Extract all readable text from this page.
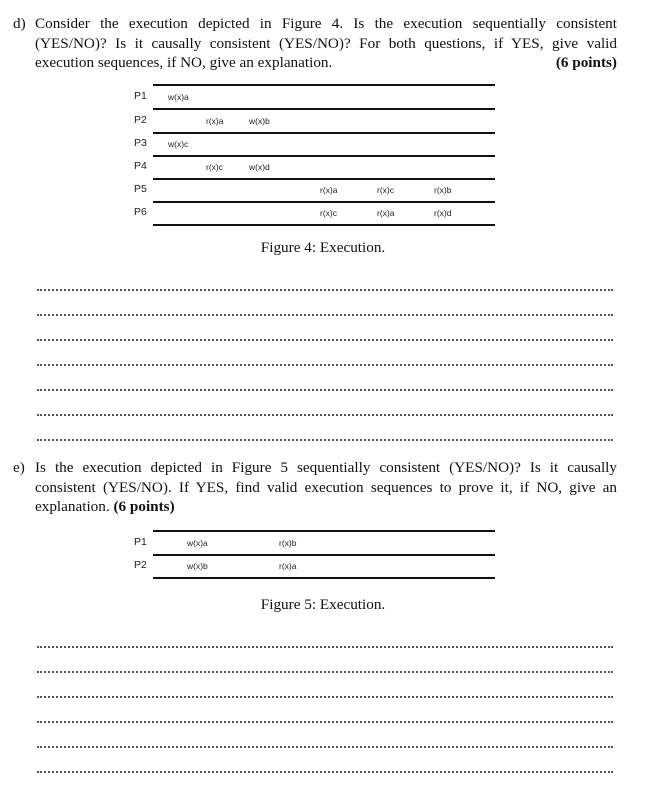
d) Consider the execution depicted in Figure 4. Is the execution sequentially consistent (YES/NO)? Is it causally consistent (YES/NO)? For both questions, if YES, give valid execution sequences, if NO, give an explanation.	(6 points)
P1 w(x)a
P2	r(x)a	w(x)b
P3 w(x)c
P4	r(x)c	w(x)d
P5	r(x)a	r(x)c	r(x)b
P6	r(x)c	r(x)a	r(x)d
Figure 4: Execution.
e) Is the execution depicted in Figure 5 sequentially consistent (YES/NO)? Is it causally consistent (YES/NO). If YES, find valid execution sequences to prove it, if NO, give an explanation. (6 points)
P1	w(x)a	r(x)b
P2	w(x)b	r(x)a
Figure 5: Execution.
